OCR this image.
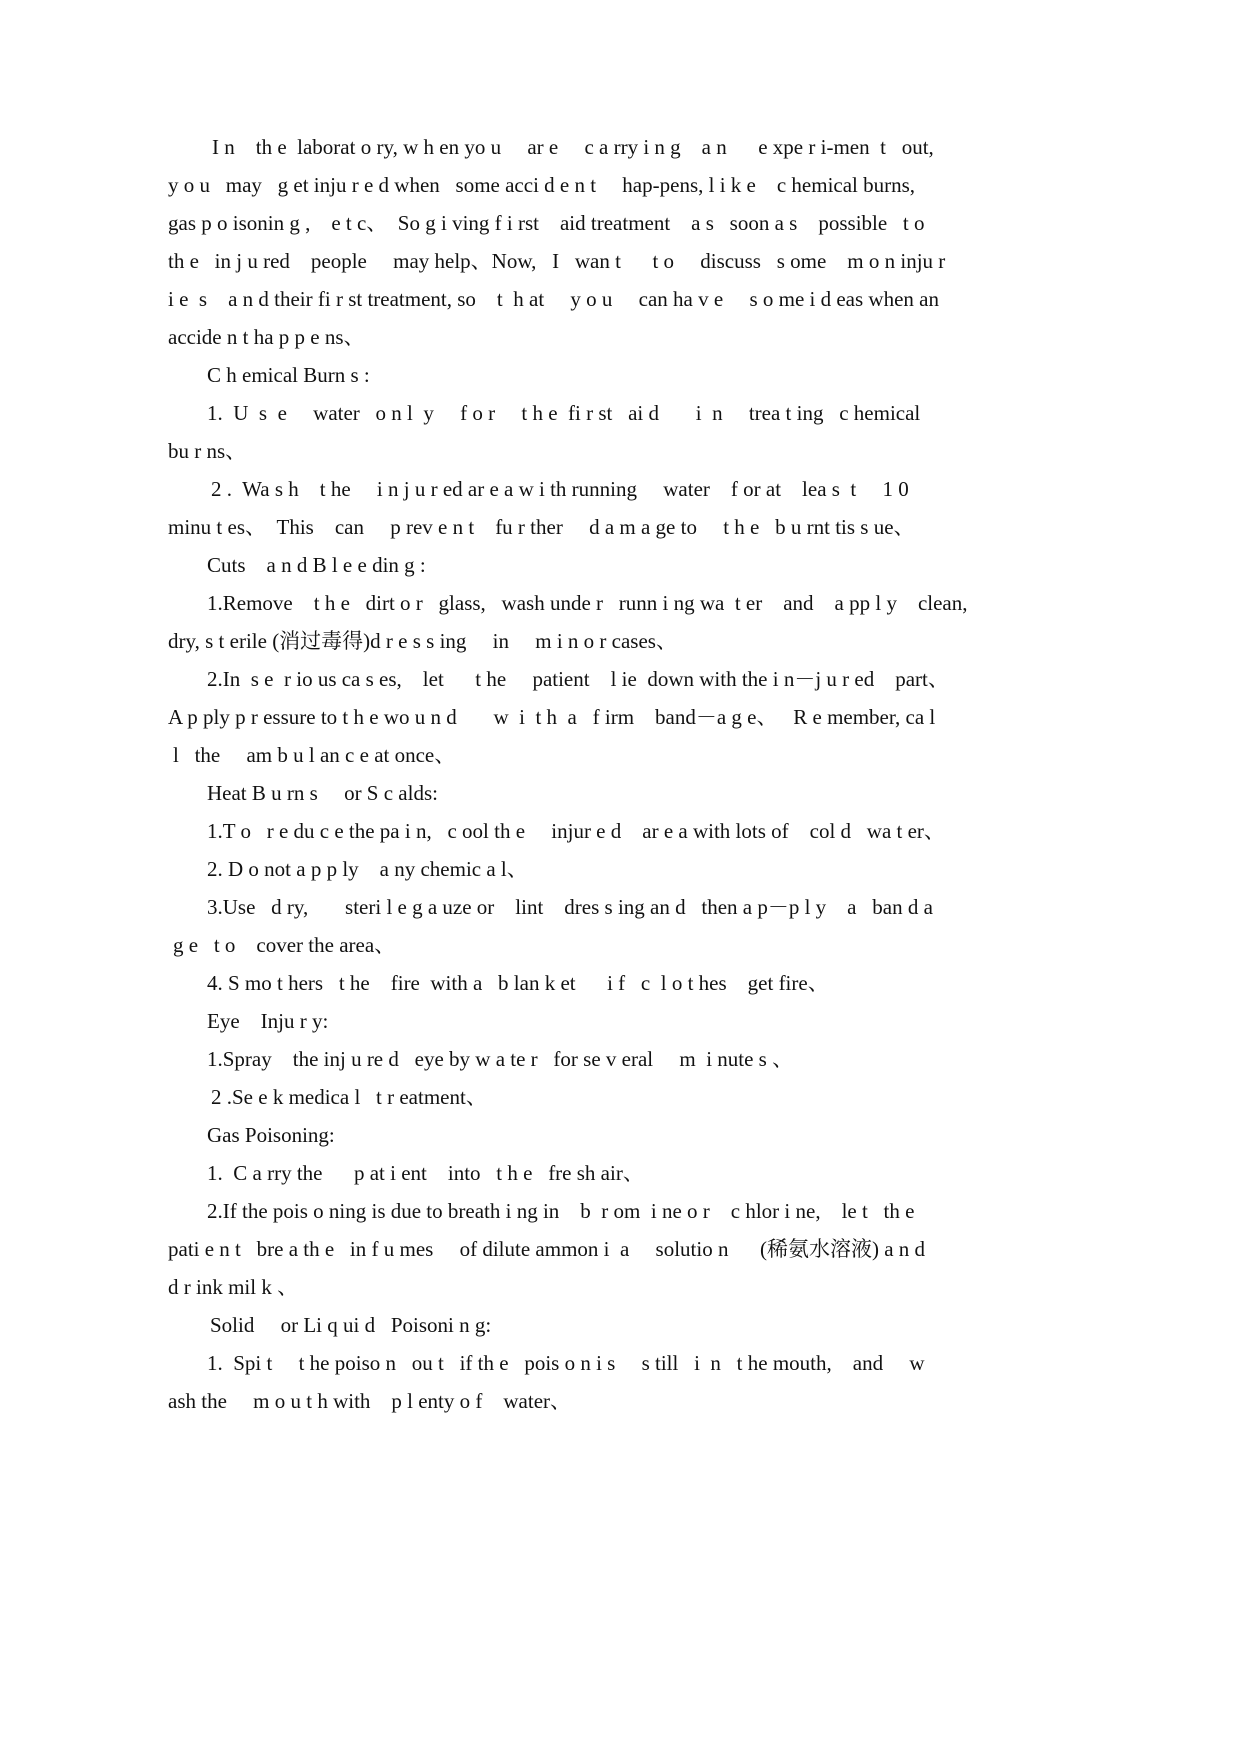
I n    th e  laborat o ry, w h en yo u     ar e     c a rry i n g    a n      e xpe r i-men  t   out,
y o u   may   g et inju r e d when   some acci d e n t     hap-pens, l i k e    c hemical burns,
gas p o isonin g ,    e t c、  So g i ving f i rst    aid treatment    a s   soon a s    possible   t o
th e   in j u red    people     may help、Now,   I   wan t      t o     discuss   s ome    m o n inju r
i e  s    a n d their fi r st treatment, so    t  h at     y o u     can ha v e     s o me i d eas when an
accide n t ha p p e ns、
C h emical Burn s :
1.  U  s  e     water   o n l  y     f o r     t h e  fi r st   ai d       i  n     trea t ing   c hemical
bu r ns、
2 .  Wa s h    t he     i n j u r ed ar e a w i th running     water    f or at    lea s  t     1 0
minu t es、  This    can     p rev e n t    fu r ther     d a m a ge to     t h e   b u rnt tis s ue、
Cuts    a n d B l e e din g :
1.Remove    t h e   dirt o r   glass,   wash unde r   runn i ng wa  t er    and    a pp l y    clean,
dry, s t erile (消过毒得)d r e s s ing     in     m i n o r cases、
2.In  s e  r io us ca s es,    let      t he     patient    l ie  down with the i n－j u r ed    part、
A p ply p r essure to t h e wo u n d       w  i  t h  a   f irm    band－a g e、   R e member, ca l
l   the     am b u l an c e at once、
Heat B u rn s     or S c alds:
1.T o   r e du c e the pa i n,   c ool th e     injur e d    ar e a with lots of    col d   wa t er、
2. D o not a p p ly    a ny chemic a l、
3.Use   d ry,       steri l e g a uze or    lint    dres s ing an d   then a p－p l y    a   ban d a
g e   t o    cover the area、
4. S mo t hers   t he    fire  with a   b lan k et      i f   c  l o t hes    get fire、
Eye    Inju r y:
1.Spray    the inj u re d   eye by w a te r   for se v eral     m  i nute s 、
2 .Se e k medica l   t r eatment、
Gas Poisoning:
1.  C a rry the      p at i ent    into   t h e   fre sh air、
2.If the pois o ning is due to breath i ng in    b  r om  i ne o r    c hlor i ne,    le t   th e
pati e n t   bre a th e   in f u mes     of dilute ammon i  a     solutio n      (稀氨水溶液) a n d
d r ink mil k 、
Solid     or Li q ui d   Poisoni n g:
1.  Spi t     t he poiso n   ou t   if th e   pois o n i s     s till   i  n   t he mouth,    and     w
ash the     m o u t h with    p l enty o f    water、
